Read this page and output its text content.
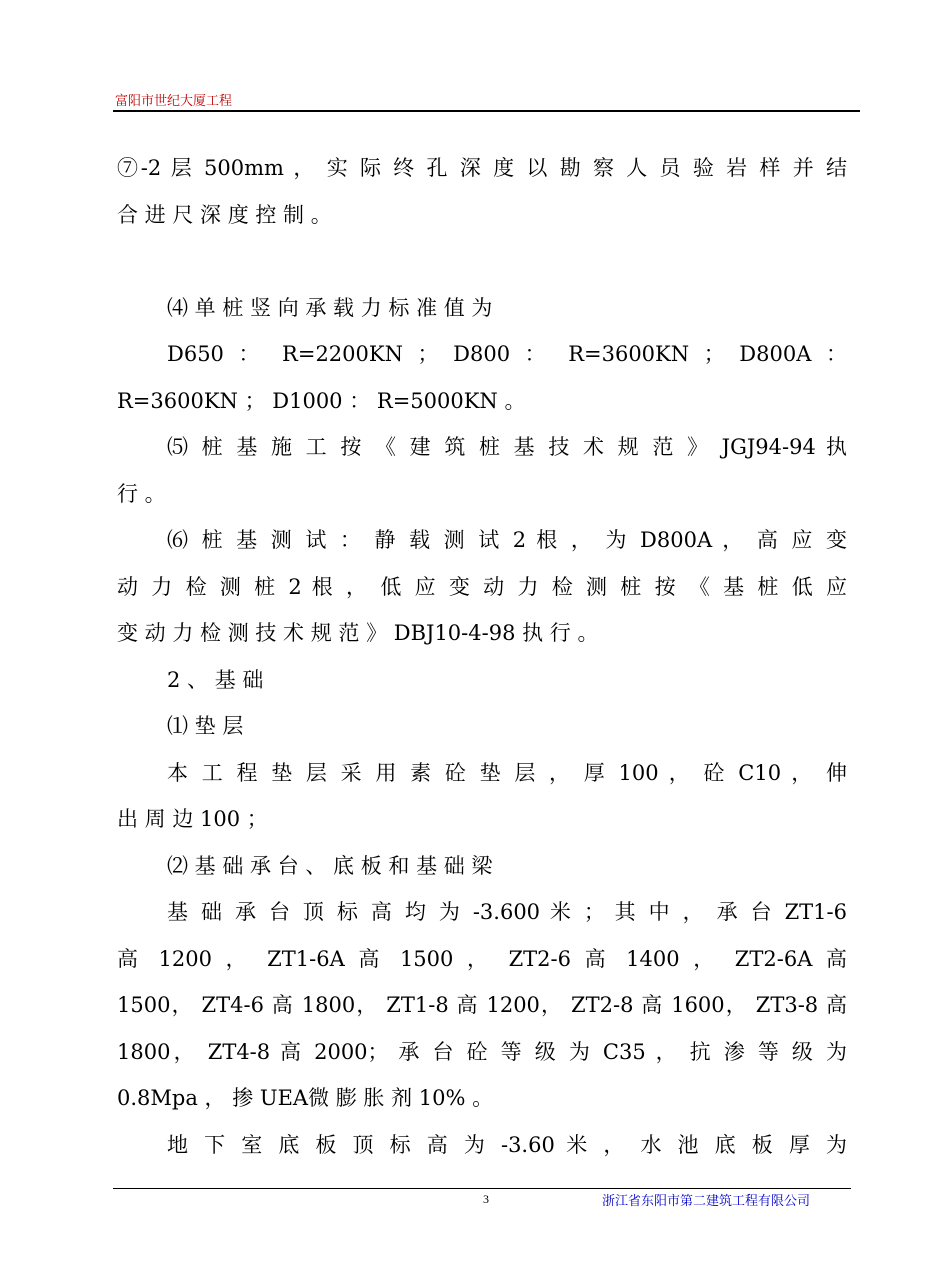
富阳市世纪大厦工程
⑦-2 层 500mm ， 实 际 终 孔 深 度 以 勘 察 人 员 验 岩 样 并 结
合 进 尺 深 度 控 制 。
⑷ 单 桩 竖 向 承 载 力 标 准 值 为
D650 ： R=2200KN ； D800 ： R=3600KN ； D800A ：
R=3600KN ； D1000 ： R=5000KN 。
⑸ 桩 基 施 工 按 《 建 筑 桩 基 技 术 规 范 》 JGJ94-94 执
行 。
⑹ 桩 基 测 试 ： 静 载 测 试 2 根 ， 为 D800A ， 高 应 变
动 力 检 测 桩 2 根 ， 低 应 变 动 力 检 测 桩 按 《 基 桩 低 应
变 动 力 检 测 技 术 规 范 》 DBJ10-4-98 执 行 。
2 、 基 础
⑴ 垫 层
本 工 程 垫 层 采 用 素 砼 垫 层 ， 厚 100 ， 砼 C10 ， 伸
出 周 边 100 ；
⑵ 基 础 承 台 、 底 板 和 基 础 梁
基 础 承 台 顶 标 高 均 为 -3.600 米 ； 其 中 ， 承 台 ZT1-6
高 1200 ， ZT1-6A 高 1500 ， ZT2-6 高 1400 ， ZT2-6A 高
1500， ZT4-6 高 1800， ZT1-8 高 1200， ZT2-8 高 1600， ZT3-8 高
1800， ZT4-8 高 2000； 承 台 砼 等 级 为 C35 ， 抗 渗 等 级 为
0.8Mpa ， 掺 UEA微 膨 胀 剂 10% 。
地 下 室 底 板 顶 标 高 为 -3.60 米 ， 水 池 底 板 厚 为
3	浙江省东阳市第二建筑工程有限公司
